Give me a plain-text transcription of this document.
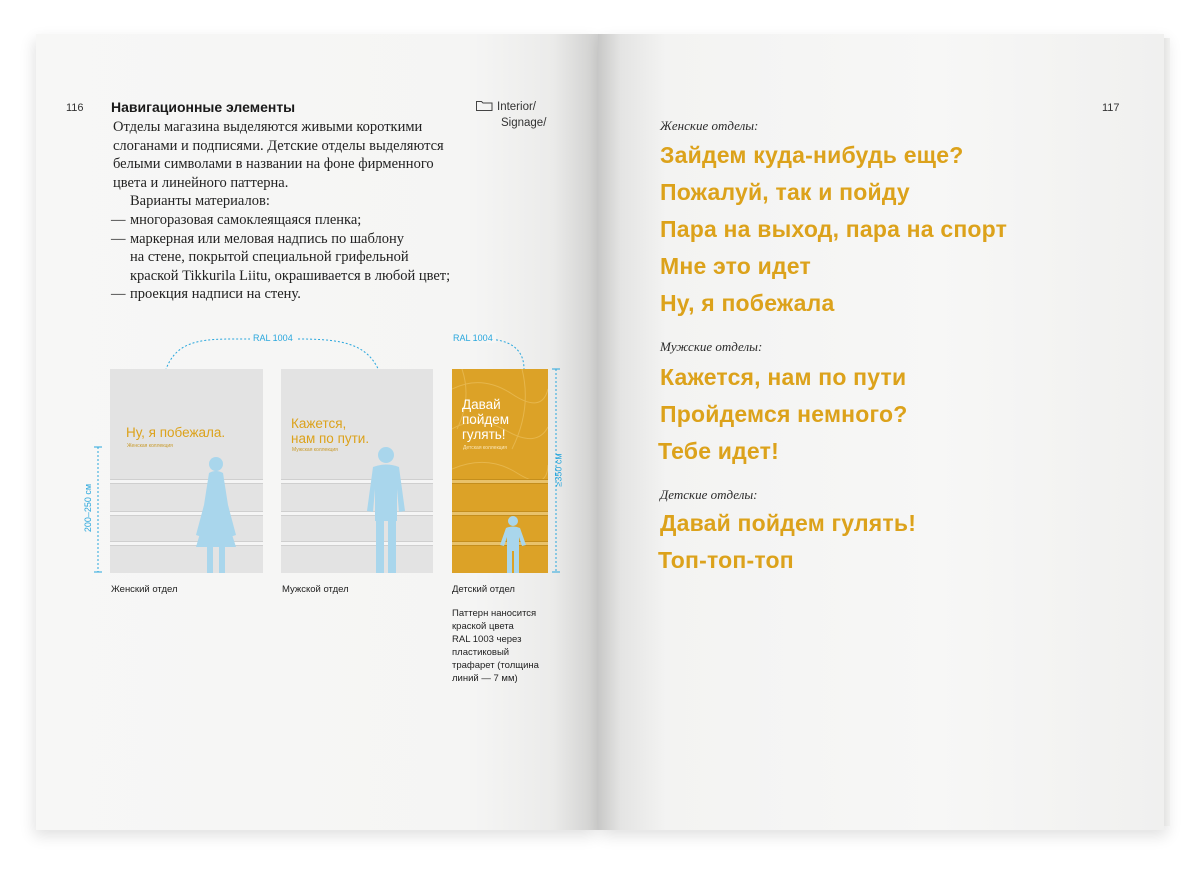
116 Навигационные элементы	Interior/
Signage/

Отделы магазина выделяются живыми короткими

слоганами и подписями. Детские отделы выделяются

белыми символами в названии на фоне фирменного

цвета и линейного паттерна.

Варианты материалов:

— многоразовая самоклеящаяся пленка;
— маркерная или меловая надпись по шаблону
на стене, покрытой специальной грифельной
краской Tikkurila Liitu, окрашивается в любой цвет;
— проекция надписи на стену.
RAL 1004	RAL 1004
200–250 см
≥350 см
Ну, я побежала.
Женская коллекция
Женский отдел
Кажется,
нам по пути.
Мужская коллекция
Мужской отдел
Давай
пойдем
гулять!
Детская коллекция
Детский отдел
Паттерн наносится
краской цвета
RAL 1003 через
пластиковый
трафарет (толщина
линий — 7 мм)
117
Женские отделы:
Зайдем куда-нибудь еще?
Пожалуй, так и пойду
Пара на выход, пара на спорт
Мне это идет
Ну, я побежала
Мужские отделы:
Кажется, нам по пути
Пройдемся немного?
Тебе идет!
Детские отделы:
Давай пойдем гулять!
Топ-топ-топ
